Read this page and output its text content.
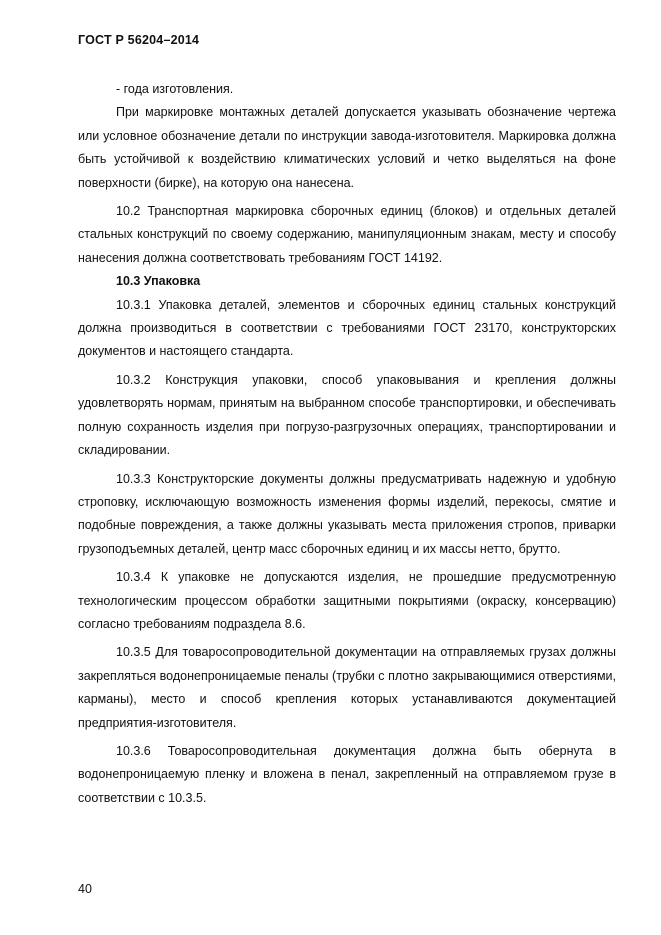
ГОСТ Р 56204–2014

- года изготовления.

При маркировке монтажных деталей допускается указывать обозначение чертежа или условное обозначение детали по инструкции завода-изготовителя. Маркировка должна быть устойчивой к воздействию климатических условий и четко выделяться на фоне поверхности (бирке), на которую она нанесена.

10.2 Транспортная маркировка сборочных единиц (блоков) и отдельных деталей стальных конструкций по своему содержанию, манипуляционным знакам, месту и способу нанесения должна соответствовать требованиям ГОСТ 14192.

10.3 Упаковка

10.3.1 Упаковка деталей, элементов и сборочных единиц стальных конструкций должна производиться в соответствии с требованиями ГОСТ 23170, конструкторских документов и настоящего стандарта.

10.3.2 Конструкция упаковки, способ упаковывания и крепления должны удовлетворять нормам, принятым на выбранном способе транспортировки, и обеспечивать полную сохранность изделия при погрузо-разгрузочных операциях, транспортировании и складировании.

10.3.3 Конструкторские документы должны предусматривать надежную и удобную строповку, исключающую возможность изменения формы изделий, перекосы, смятие и подобные повреждения, а также должны указывать места приложения стропов, приварки грузоподъемных деталей, центр масс сборочных единиц и их массы нетто, брутто.

10.3.4 К упаковке не допускаются изделия, не прошедшие предусмотренную технологическим процессом обработки защитными покрытиями (окраску, консервацию) согласно требованиям подраздела 8.6.

10.3.5 Для товаросопроводительной документации на отправляемых грузах должны закрепляться водонепроницаемые пеналы (трубки с плотно закрывающимися отверстиями, карманы), место и способ крепления которых устанавливаются документацией предприятия-изготовителя.

10.3.6 Товаросопроводительная документация должна быть обернута в водонепроницаемую пленку и вложена в пенал, закрепленный на отправляемом грузе в соответствии с 10.3.5.

40
